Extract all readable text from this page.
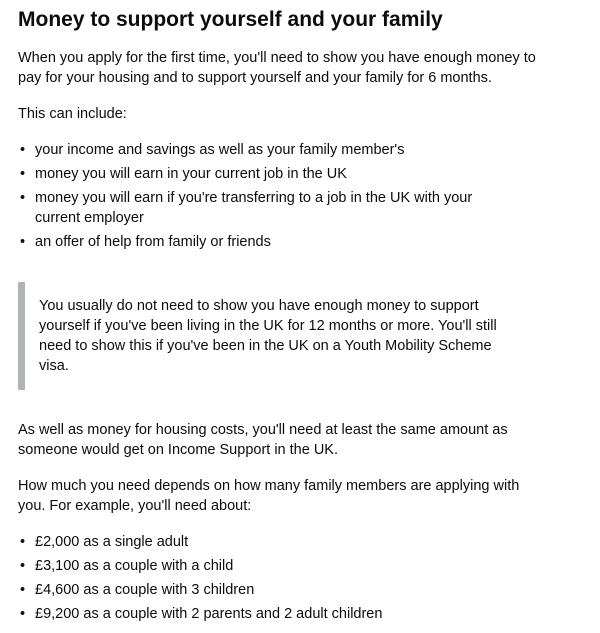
Money to support yourself and your family

When you apply for the first time, you'll need to show you have enough money to pay for your housing and to support yourself and your family for 6 months.

This can include:

• your income and savings as well as your family member's
• money you will earn in your current job in the UK
• money you will earn if you're transferring to a job in the UK with your current employer
• an offer of help from family or friends

You usually do not need to show you have enough money to support yourself if you've been living in the UK for 12 months or more. You'll still need to show this if you've been in the UK on a Youth Mobility Scheme visa.

As well as money for housing costs, you'll need at least the same amount as someone would get on Income Support in the UK.

How much you need depends on how many family members are applying with you. For example, you'll need about:

• £2,000 as a single adult
• £3,100 as a couple with a child
• £4,600 as a couple with 3 children
• £9,200 as a couple with 2 parents and 2 adult children
